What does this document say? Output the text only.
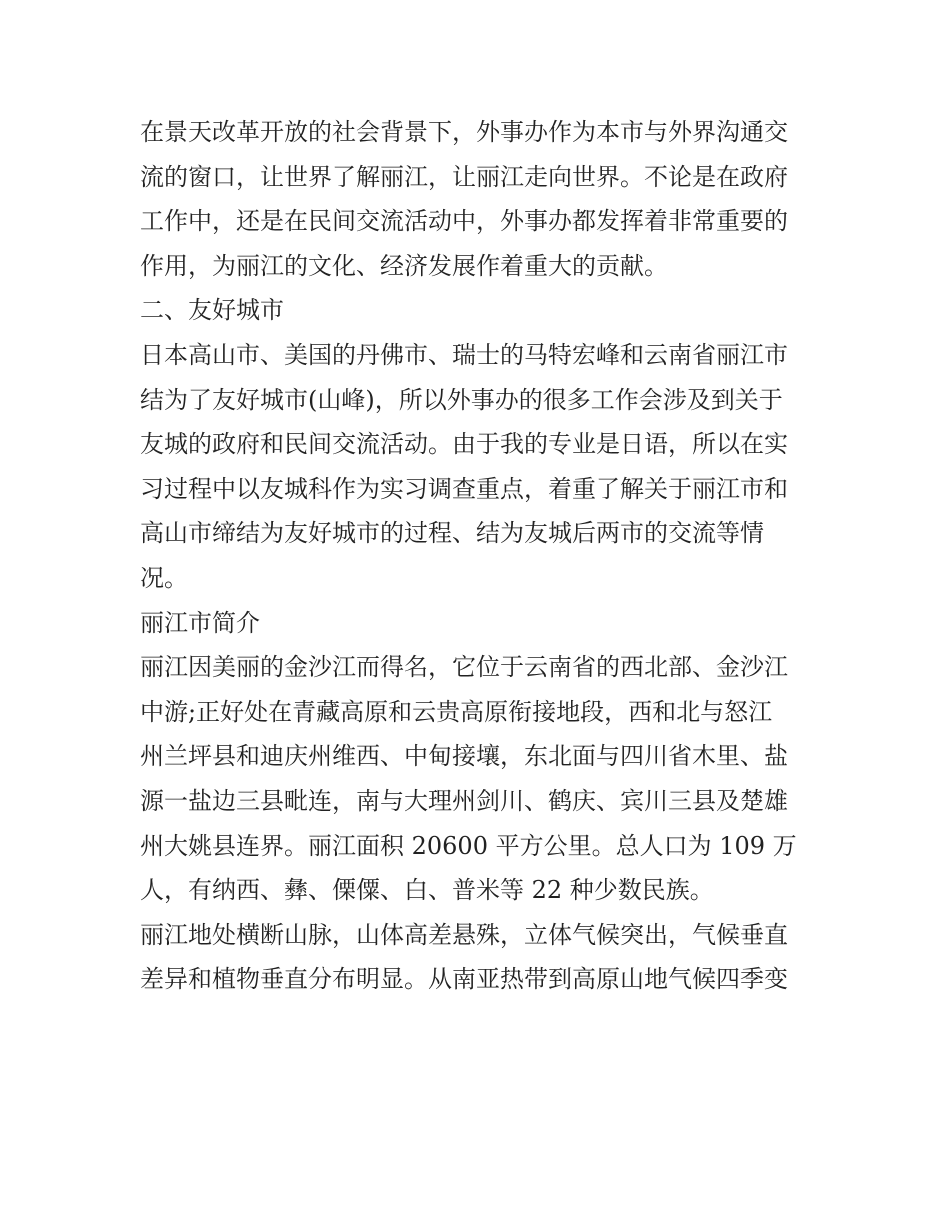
在景天改革开放的社会背景下，外事办作为本市与外界沟通交
流的窗口，让世界了解丽江，让丽江走向世界。不论是在政府
工作中，还是在民间交流活动中，外事办都发挥着非常重要的
作用，为丽江的文化、经济发展作着重大的贡献。
二、友好城市
日本高山市、美国的丹佛市、瑞士的马特宏峰和云南省丽江市
结为了友好城市(山峰)，所以外事办的很多工作会涉及到关于
友城的政府和民间交流活动。由于我的专业是日语，所以在实
习过程中以友城科作为实习调查重点，着重了解关于丽江市和
高山市缔结为友好城市的过程、结为友城后两市的交流等情
况。
丽江市简介
丽江因美丽的金沙江而得名，它位于云南省的西北部、金沙江
中游;正好处在青藏高原和云贵高原衔接地段，西和北与怒江
州兰坪县和迪庆州维西、中甸接壤，东北面与四川省木里、盐
源一盐边三县毗连，南与大理州剑川、鹤庆、宾川三县及楚雄
州大姚县连界。丽江面积 20600 平方公里。总人口为 109 万
人，有纳西、彝、傈僳、白、普米等 22 种少数民族。
丽江地处横断山脉，山体高差悬殊，立体气候突出，气候垂直
差异和植物垂直分布明显。从南亚热带到高原山地气候四季变
